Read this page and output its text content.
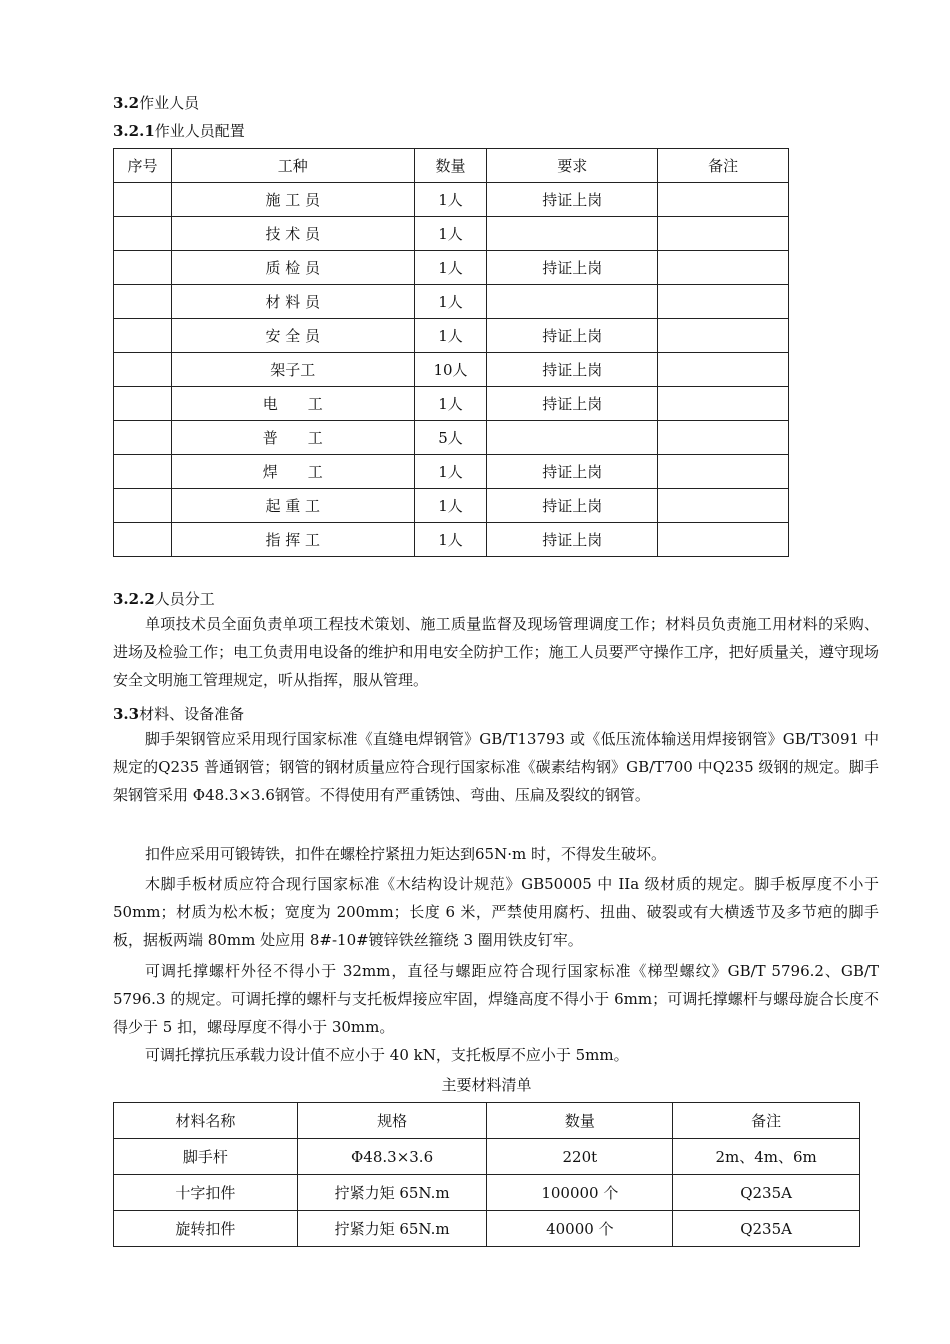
3.2作业人员
3.2.1作业人员配置
序号	工种	数量	要求	备注
	施 工 员	1人	持证上岗	
	技 术 员	1人		
	质 检 员	1人	持证上岗	
	材 料 员	1人		
	安 全 员	1人	持证上岗	
	架子工	10人	持证上岗	
	电　　工	1人	持证上岗	
	普　　工	5人		
	焊　　工	1人	持证上岗	
	起 重 工	1人	持证上岗	
	指 挥 工	1人	持证上岗	
3.2.2人员分工
单项技术员全面负责单项工程技术策划、施工质量监督及现场管理调度工作；材料员负责施工用材料的采购、进场及检验工作；电工负责用电设备的维护和用电安全防护工作；施工人员要严守操作工序，把好质量关，遵守现场安全文明施工管理规定，听从指挥，服从管理。
3.3材料、设备准备
脚手架钢管应采用现行国家标准《直缝电焊钢管》GB/T13793 或《低压流体输送用焊接钢管》GB/T3091 中规定的Q235 普通钢管；钢管的钢材质量应符合现行国家标准《碳素结构钢》GB/T700 中Q235 级钢的规定。脚手架钢管采用 Φ48.3×3.6钢管。不得使用有严重锈蚀、弯曲、压扁及裂纹的钢管。
扣件应采用可锻铸铁，扣件在螺栓拧紧扭力矩达到65N·m 时，不得发生破坏。
木脚手板材质应符合现行国家标准《木结构设计规范》GB50005 中 IIa 级材质的规定。脚手板厚度不小于 50mm；材质为松木板；宽度为 200mm；长度 6 米，严禁使用腐朽、扭曲、破裂或有大横透节及多节疤的脚手板，据板两端 80mm 处应用 8#-10#镀锌铁丝箍绕 3 圈用铁皮钉牢。
可调托撑螺杆外径不得小于 32mm，直径与螺距应符合现行国家标准《梯型螺纹》GB/T 5796.2、GB/T 5796.3 的规定。可调托撑的螺杆与支托板焊接应牢固，焊缝高度不得小于 6mm；可调托撑螺杆与螺母旋合长度不得少于 5 扣，螺母厚度不得小于 30mm。
可调托撑抗压承载力设计值不应小于 40 kN，支托板厚不应小于 5mm。
主要材料清单
材料名称	规格	数量	备注
脚手杆	Φ48.3×3.6	220t	2m、4m、6m
十字扣件	拧紧力矩 65N.m	100000 个	Q235A
旋转扣件	拧紧力矩 65N.m	40000 个	Q235A
